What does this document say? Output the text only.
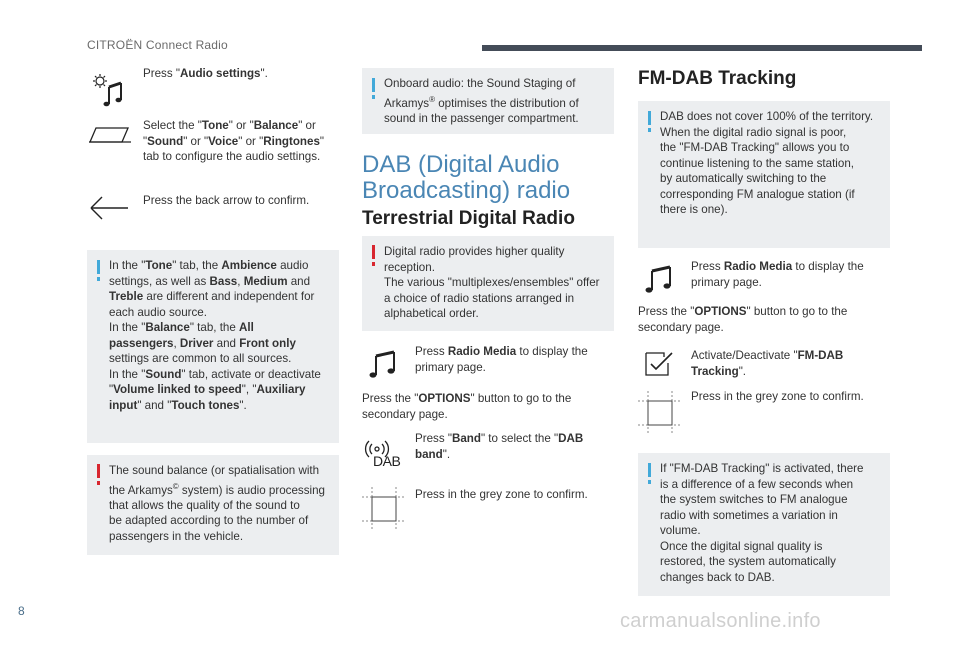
CITROËN Connect Radio
8
Press "Audio settings".
Select the "Tone" or "Balance" or
"Sound" or "Voice" or "Ringtones"
tab to configure the audio settings.
Press the back arrow to confirm.
In the "Tone" tab, the Ambience audio
settings, as well as Bass, Medium and
Treble are different and independent for
each audio source.
In the "Balance" tab, the All
passengers, Driver and Front only
settings are common to all sources.
In the "Sound" tab, activate or deactivate
"Volume linked to speed", "Auxiliary
input" and "Touch tones".
The sound balance (or spatialisation with
the Arkamys© system) is audio processing
that allows the quality of the sound to
be adapted according to the number of
passengers in the vehicle.
Onboard audio: the Sound Staging of
Arkamys® optimises the distribution of
sound in the passenger compartment.
DAB (Digital Audio
Broadcasting) radio
Terrestrial Digital Radio
Digital radio provides higher quality
reception.
The various "multiplexes/ensembles" offer
a choice of radio stations arranged in
alphabetical order.
Press Radio Media to display the
primary page.
Press the "OPTIONS" button to go to the
secondary page.
DAB
Press "Band" to select the "DAB
band".
Press in the grey zone to confirm.
FM-DAB Tracking
DAB does not cover 100% of the territory.
When the digital radio signal is poor,
the "FM-DAB Tracking" allows you to
continue listening to the same station,
by automatically switching to the
corresponding FM analogue station (if
there is one).
Press Radio Media to display the
primary page.
Press the "OPTIONS" button to go to the
secondary page.
Activate/Deactivate "FM-DAB
Tracking".
Press in the grey zone to confirm.
If "FM-DAB Tracking" is activated, there
is a difference of a few seconds when
the system switches to FM analogue
radio with sometimes a variation in
volume.
Once the digital signal quality is
restored, the system automatically
changes back to DAB.
carmanualsonline.info
